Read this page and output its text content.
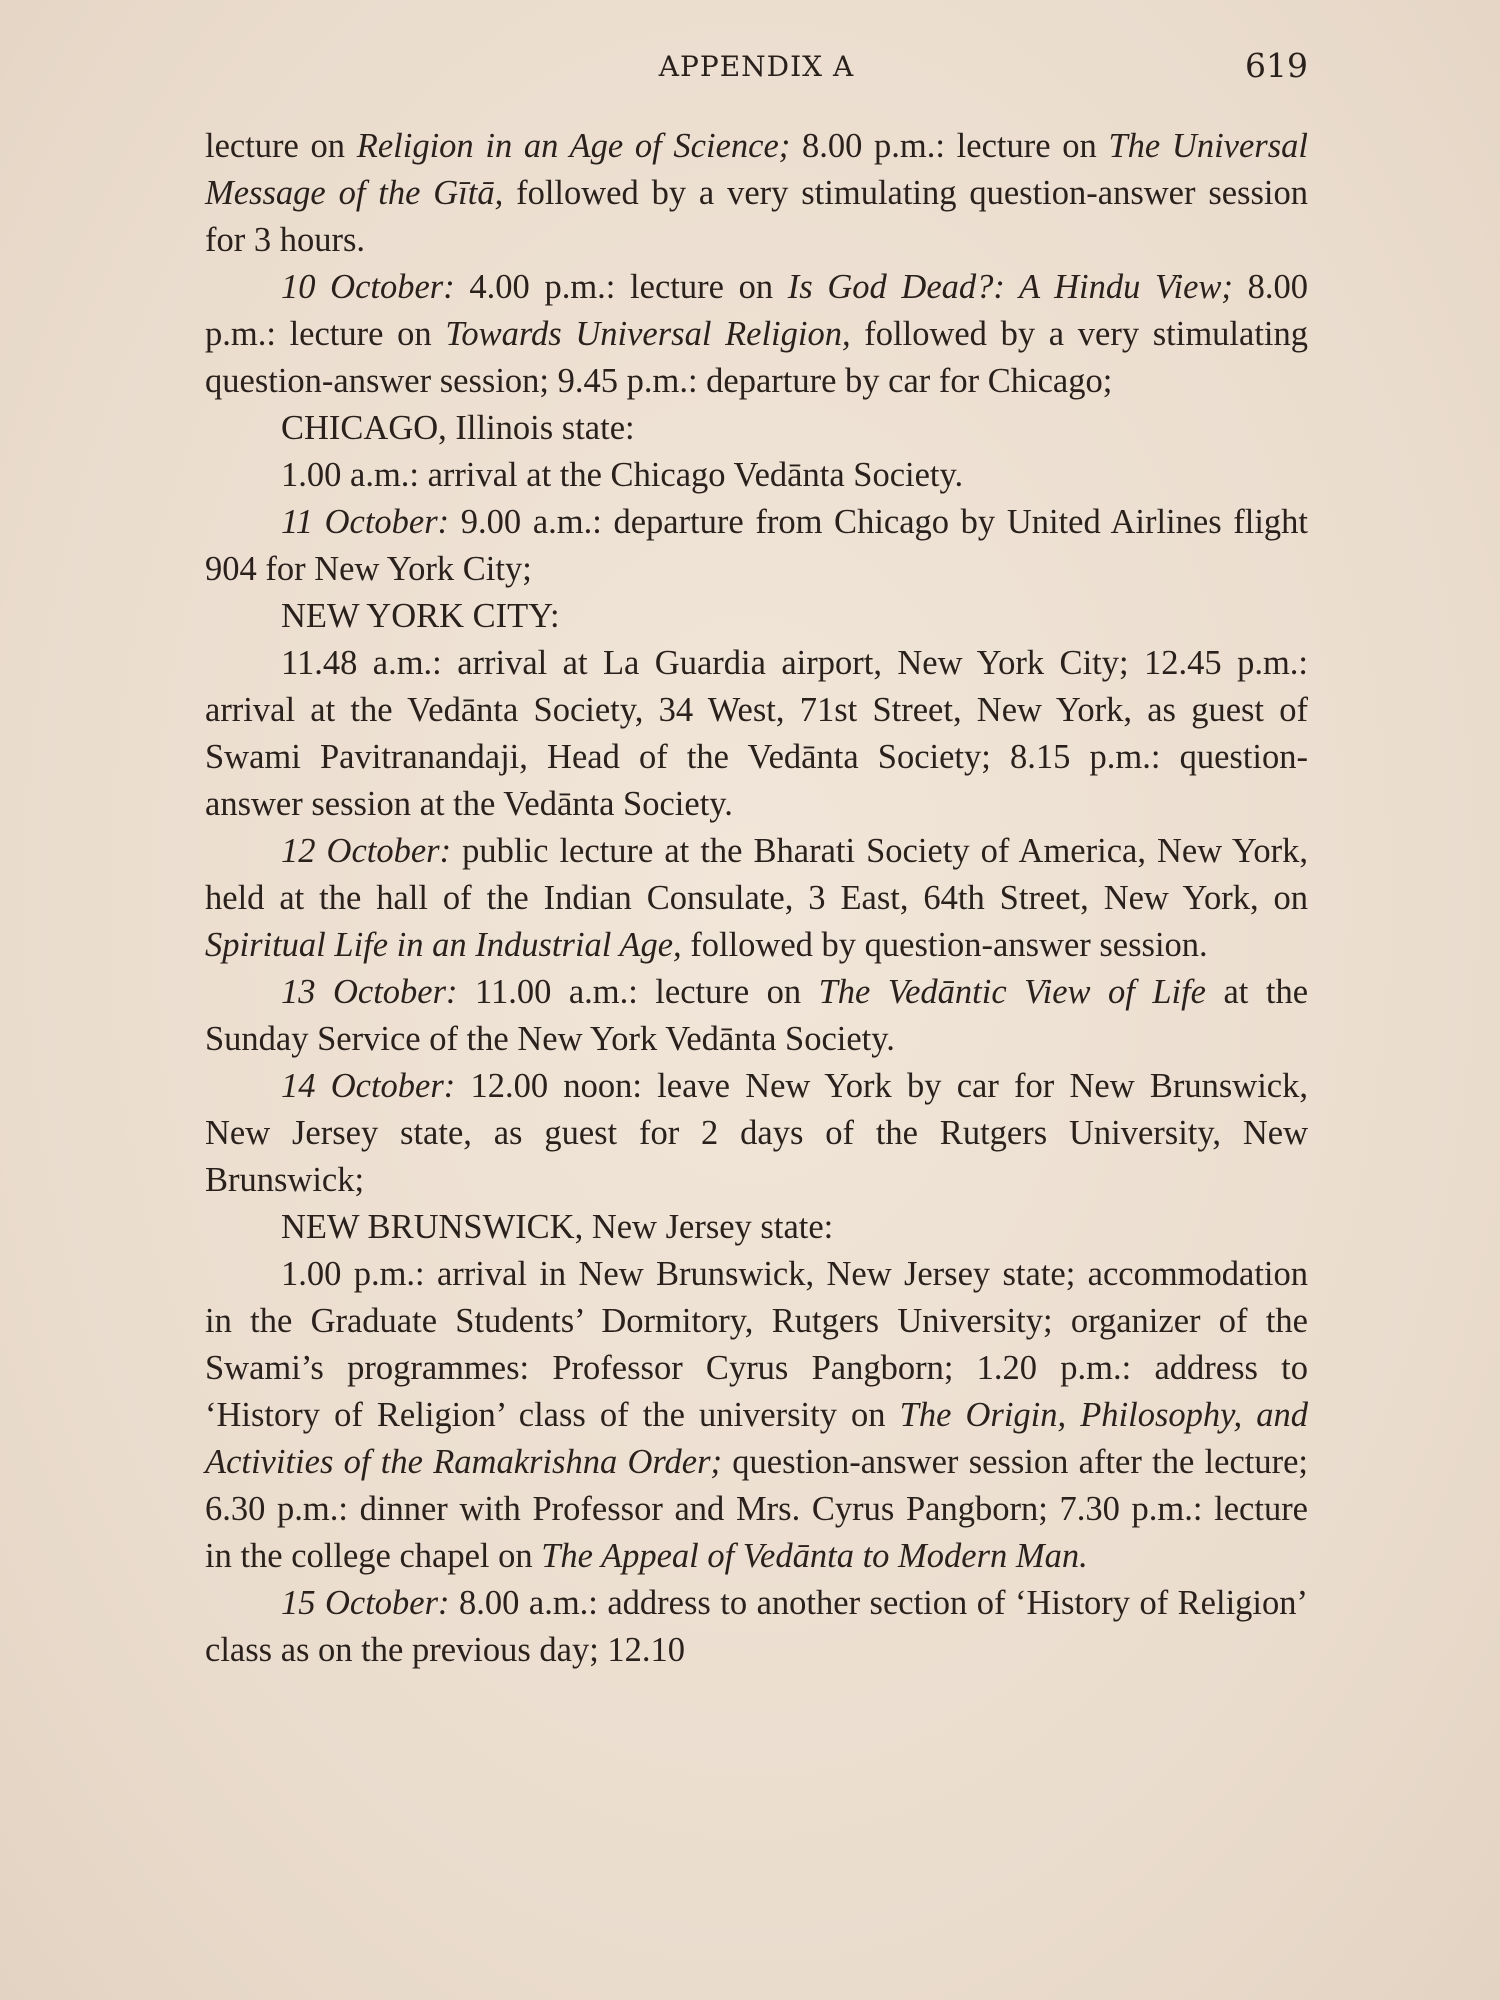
APPENDIX A	619

lecture on Religion in an Age of Science; 8.00 p.m.: lecture on The Universal Message of the Gītā, followed by a very stimulating question-answer session for 3 hours.

10 October: 4.00 p.m.: lecture on Is God Dead?: A Hindu View; 8.00 p.m.: lecture on Towards Universal Religion, followed by a very stimulating question-answer session; 9.45 p.m.: departure by car for Chicago;

CHICAGO, Illinois state:

1.00 a.m.: arrival at the Chicago Vedānta Society.

11 October: 9.00 a.m.: departure from Chicago by United Airlines flight 904 for New York City;

NEW YORK CITY:

11.48 a.m.: arrival at La Guardia airport, New York City; 12.45 p.m.: arrival at the Vedānta Society, 34 West, 71st Street, New York, as guest of Swami Pavitranandaji, Head of the Vedānta Society; 8.15 p.m.: question-answer session at the Vedānta Society.

12 October: public lecture at the Bharati Society of America, New York, held at the hall of the Indian Consulate, 3 East, 64th Street, New York, on Spiritual Life in an Industrial Age, followed by question-answer session.

13 October: 11.00 a.m.: lecture on The Vedāntic View of Life at the Sunday Service of the New York Vedānta Society.

14 October: 12.00 noon: leave New York by car for New Brunswick, New Jersey state, as guest for 2 days of the Rutgers University, New Brunswick;

NEW BRUNSWICK, New Jersey state:

1.00 p.m.: arrival in New Brunswick, New Jersey state; accommodation in the Graduate Students’ Dormitory, Rutgers University; organizer of the Swami’s programmes: Professor Cyrus Pangborn; 1.20 p.m.: address to ‘History of Religion’ class of the university on The Origin, Philosophy, and Activities of the Ramakrishna Order; question-answer session after the lecture; 6.30 p.m.: dinner with Professor and Mrs. Cyrus Pangborn; 7.30 p.m.: lecture in the college chapel on The Appeal of Vedānta to Modern Man.

15 October: 8.00 a.m.: address to another section of ‘History of Religion’ class as on the previous day; 12.10
